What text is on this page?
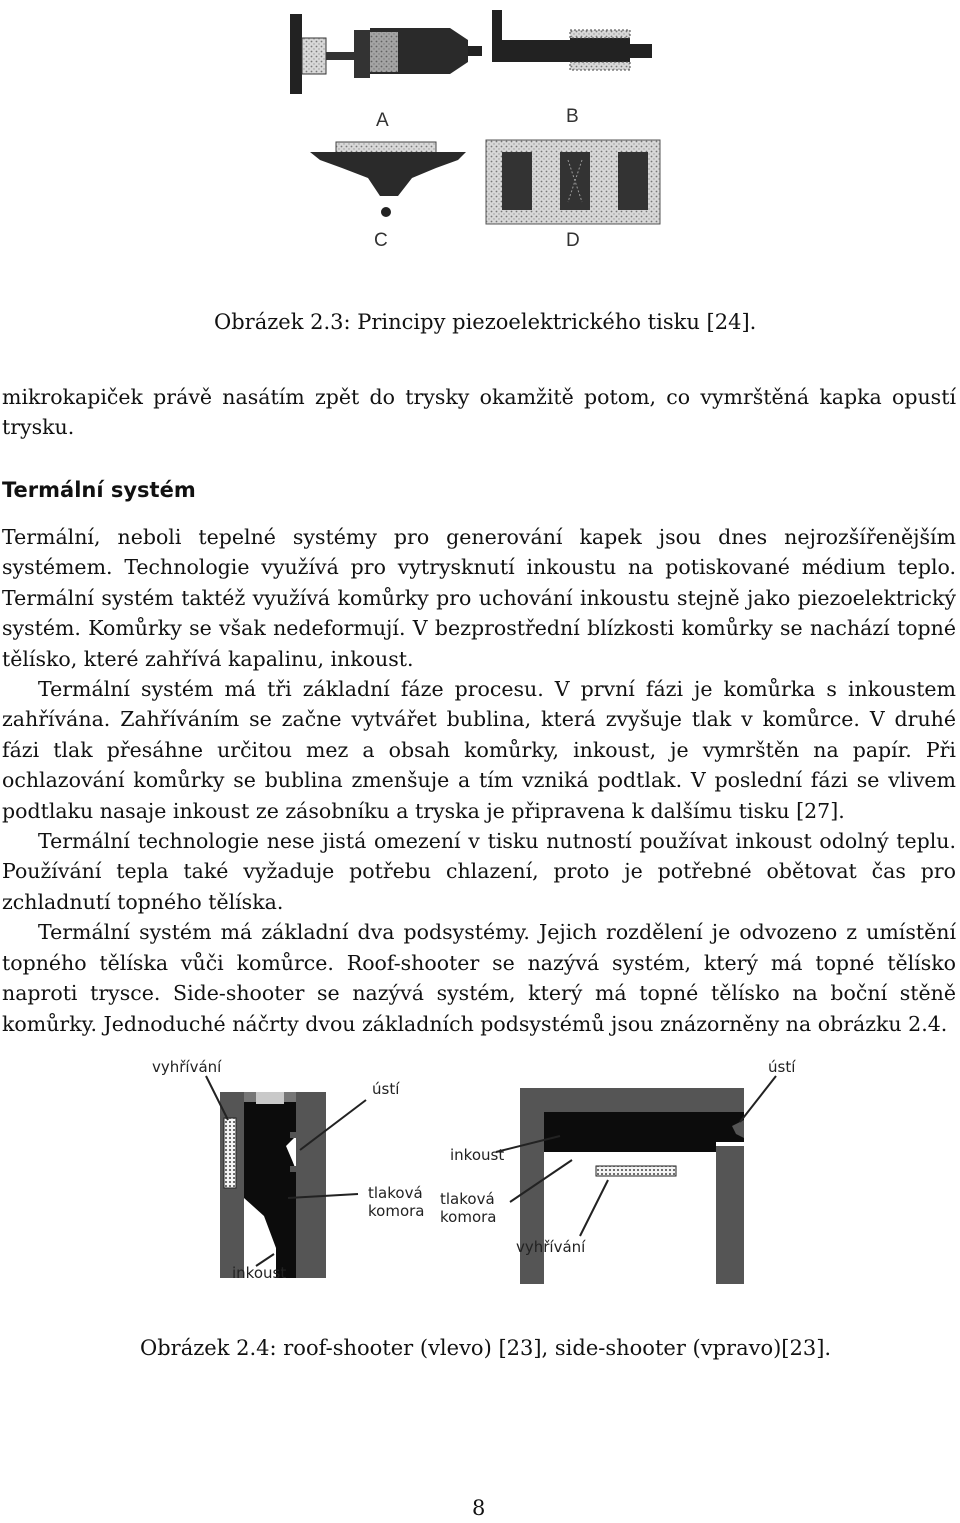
A	B
C	D
Obrázek 2.3: Principy piezoelektrického tisku [24].

mikrokapiček právě nasátím zpět do trysky okamžitě potom, co vymrštěná kapka opustí trysku.

Termální systém

Termální, neboli tepelné systémy pro generování kapek jsou dnes nejrozšířenějším systémem. Technologie využívá pro vytrysknutí inkoustu na potiskované médium teplo. Termální systém taktéž využívá komůrky pro uchování inkoustu stejně jako piezoelektrický systém. Komůrky se však nedeformují. V bezprostřední blízkosti komůrky se nachází topné tělísko, které zahřívá kapalinu, inkoust.

Termální systém má tři základní fáze procesu. V první fázi je komůrka s inkoustem zahřívána. Zahříváním se začne vytvářet bublina, která zvyšuje tlak v komůrce. V druhé fázi tlak přesáhne určitou mez a obsah komůrky, inkoust, je vymrštěn na papír. Při ochlazování komůrky se bublina zmenšuje a tím vzniká podtlak. V poslední fázi se vlivem podtlaku nasaje inkoust ze zásobníku a tryska je připravena k dalšímu tisku [27].

Termální technologie nese jistá omezení v tisku nutností používat inkoust odolný teplu. Používání tepla také vyžaduje potřebu chlazení, proto je potřebné obětovat čas pro zchladnutí topného tělíska.

Termální systém má základní dva podsystémy. Jejich rozdělení je odvozeno z umístění topného tělíska vůči komůrce. Roof-shooter se nazývá systém, který má topné tělísko naproti trysce. Side-shooter se nazývá systém, který má topné tělísko na boční stěně komůrky. Jednoduché náčrty dvou základních podsystémů jsou znázorněny na obrázku 2.4.

vyhřívání
ústí
tlaková
komora
inkoust
inkoust
ústí
tlaková
komora
vyhřívání
Obrázek 2.4: roof-shooter (vlevo) [23], side-shooter (vpravo)[23].
8
